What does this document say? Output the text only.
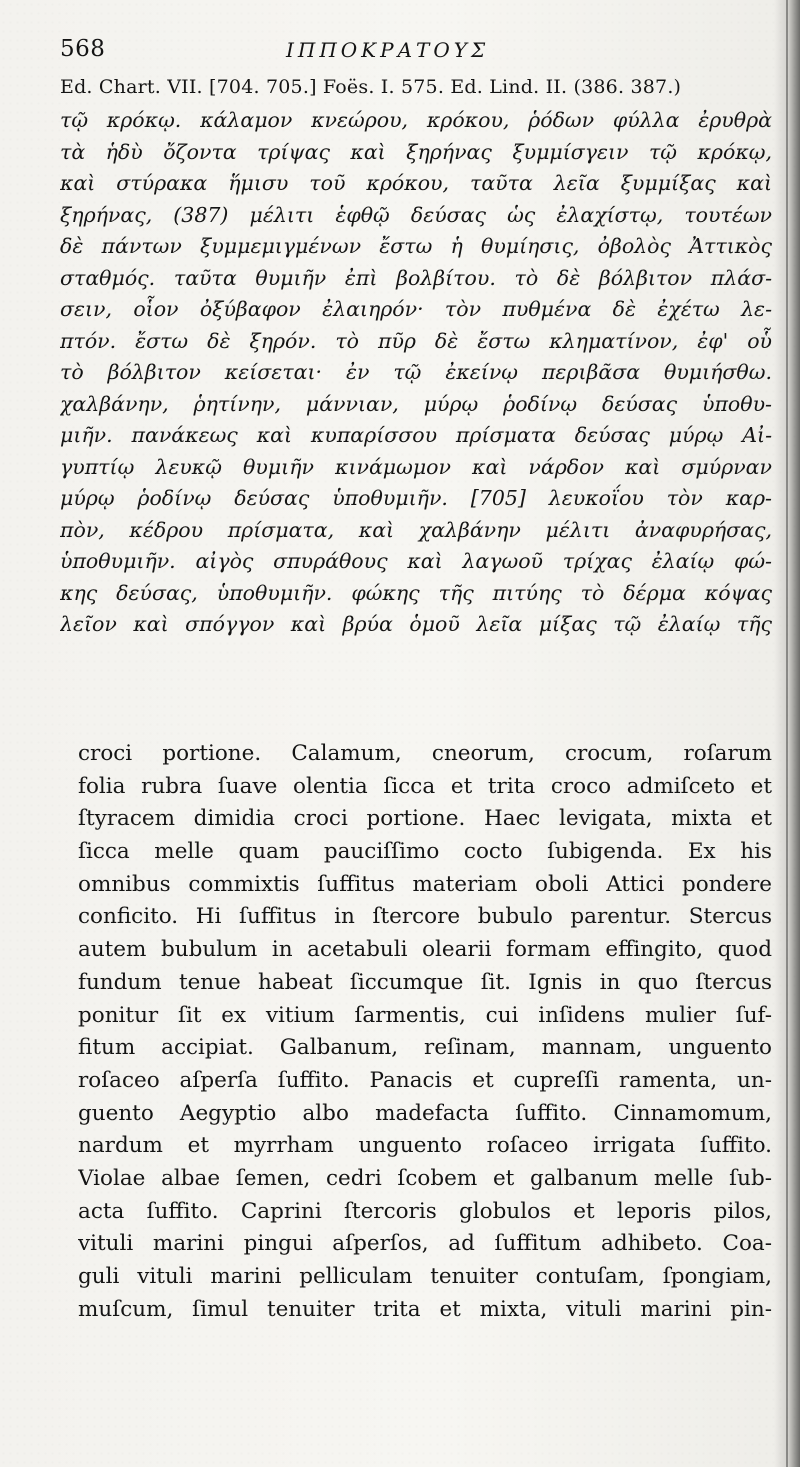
568	ΙΠΠΟΚΡΑΤΟΥΣ
Ed. Chart. VII. [704. 705.] Foës. I. 575. Ed. Lind. II. (386. 387.)
τῷ κρόκῳ. κάλαμον κνεώρου, κρόκου, ῥόδων φύλλα ἐρυθρὰ
τὰ ἡδὺ ὄζοντα τρίψας καὶ ξηρήνας ξυμμίσγειν τῷ κρόκῳ,
καὶ στύρακα ἥμισυ τοῦ κρόκου, ταῦτα λεῖα ξυμμίξας καὶ
ξηρήνας, (387) μέλιτι ἑφθῷ δεύσας ὡς ἐλαχίστῳ, τουτέων
δὲ πάντων ξυμμεμιγμένων ἔστω ἡ θυμίησις, ὀβολὸς Ἀττικὸς
σταθμός. ταῦτα θυμιῆν ἐπὶ βολβίτου. τὸ δὲ βόλβιτον πλάσ-
σειν, οἷον ὀξύβαφον ἐλαιηρόν· τὸν πυθμένα δὲ ἐχέτω λε-
πτόν. ἔστω δὲ ξηρόν. τὸ πῦρ δὲ ἔστω κληματίνον, ἐφ' οὗ
τὸ βόλβιτον κείσεται· ἐν τῷ ἐκείνῳ περιβᾶσα θυμιήσθω.
χαλβάνην, ῥητίνην, μάννιαν, μύρῳ ῥοδίνῳ δεύσας ὑποθυ-
μιῆν. πανάκεως καὶ κυπαρίσσου πρίσματα δεύσας μύρῳ Αἰ-
γυπτίῳ λευκῷ θυμιῆν κινάμωμον καὶ νάρδον καὶ σμύρναν
μύρῳ ῥοδίνῳ δεύσας ὑποθυμιῆν. [705] λευκοΐου τὸν καρ-
πὸν, κέδρου πρίσματα, καὶ χαλβάνην μέλιτι ἀναφυρήσας,
ὑποθυμιῆν. αἰγὸς σπυράθους καὶ λαγωοῦ τρίχας ἐλαίῳ φώ-
κης δεύσας, ὑποθυμιῆν. φώκης τῆς πιτύης τὸ δέρμα κόψας
λεῖον καὶ σπόγγον καὶ βρύα ὁμοῦ λεῖα μίξας τῷ ἐλαίῳ τῆς
croci portione. Calamum, cneorum, crocum, roſarum
folia rubra ſuave olentia ſicca et trita croco admiſceto et
ſtyracem dimidia croci portione. Haec levigata, mixta et
ſicca melle quam pauciſſimo cocto ſubigenda. Ex his
omnibus commixtis ſuffitus materiam oboli Attici pondere
conficito. Hi ſuffitus in ſtercore bubulo parentur. Stercus
autem bubulum in acetabuli olearii formam effingito, quod
fundum tenue habeat ſiccumque ſit. Ignis in quo ſtercus
ponitur ſit ex vitium ſarmentis, cui inſidens mulier ſuf-
fitum accipiat. Galbanum, reſinam, mannam, unguento
roſaceo aſperſa ſuffito. Panacis et cupreſſi ramenta, un-
guento Aegyptio albo madefacta ſuffito. Cinnamomum,
nardum et myrrham unguento roſaceo irrigata ſuffito.
Violae albae ſemen, cedri ſcobem et galbanum melle ſub-
acta ſuffito. Caprini ſtercoris globulos et leporis pilos,
vituli marini pingui aſperſos, ad ſuffitum adhibeto. Coa-
guli vituli marini pelliculam tenuiter contuſam, ſpongiam,
muſcum, ſimul tenuiter trita et mixta, vituli marini pin-
